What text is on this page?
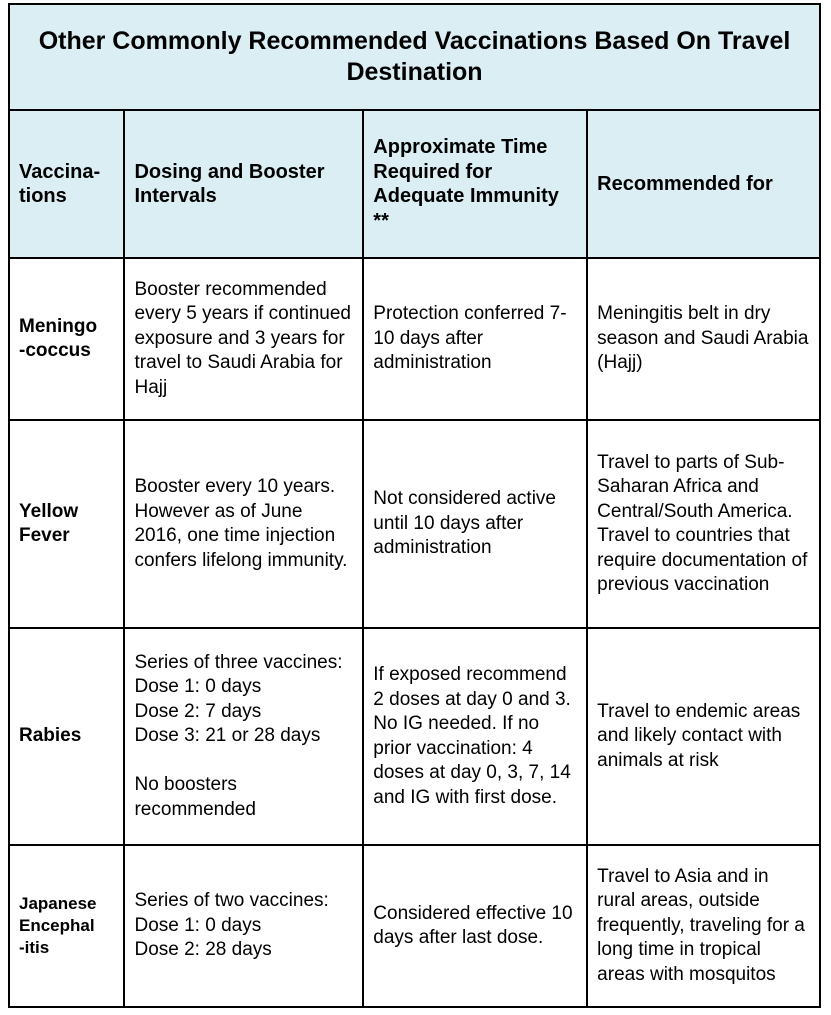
Other Commonly Recommended Vaccinations Based On Travel Destination
Vaccina-
tions
Dosing and Booster Intervals
Approximate Time Required for Adequate Immunity **
Recommended for
Meningo
-coccus
Booster recommended every 5 years if continued exposure and 3 years for travel to Saudi Arabia for Hajj
Protection conferred 7-10 days after administration
Meningitis belt in dry season and Saudi Arabia (Hajj)
Yellow
Fever
Booster every 10 years. However as of June 2016, one time injection confers lifelong immunity.
Not considered active until 10 days after administration
Travel to parts of Sub-Saharan Africa and Central/South America. Travel to countries that require documentation of previous vaccination
Rabies
Series of three vaccines:
Dose 1: 0 days
Dose 2: 7 days
Dose 3: 21 or 28 days

No boosters recommended
If exposed recommend 2 doses at day 0 and 3. No IG needed. If no prior vaccination: 4 doses at day 0, 3, 7, 14 and IG with first dose.
Travel to endemic areas and likely contact with animals at risk
Japanese
Encephal
-itis
Series of two vaccines:
Dose 1: 0 days
Dose 2: 28 days
Considered effective 10 days after last dose.
Travel to Asia and in rural areas, outside frequently, traveling for a long time in tropical areas with mosquitos
